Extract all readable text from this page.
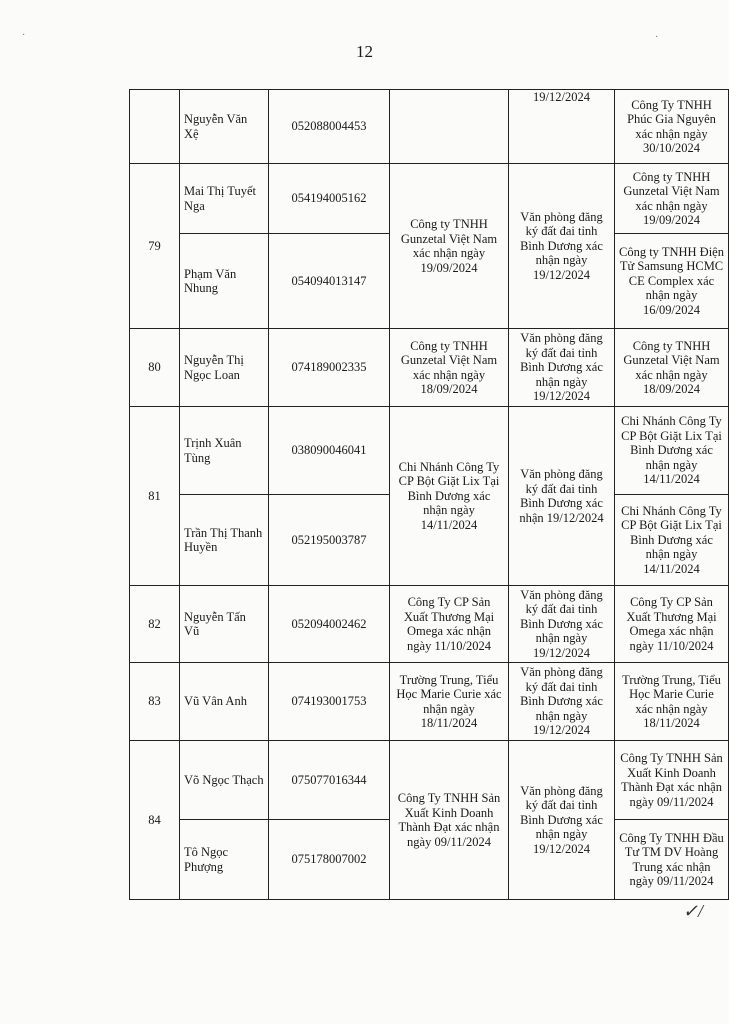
12
	Nguyễn Văn Xệ	052088004453		19/12/2024	Công Ty TNHH Phúc Gia Nguyên xác nhận ngày 30/10/2024
79	Mai Thị Tuyết Nga	054194005162	Công ty TNHH Gunzetal Việt Nam xác nhận ngày 19/09/2024	Văn phòng đăng ký đất đai tỉnh Bình Dương xác nhận ngày 19/12/2024	Công ty TNHH Gunzetal Việt Nam xác nhận ngày 19/09/2024
	Phạm Văn Nhung	054094013147			Công ty TNHH Điện Tử Samsung HCMC CE Complex xác nhận ngày 16/09/2024
80	Nguyễn Thị Ngọc Loan	074189002335	Công ty TNHH Gunzetal Việt Nam xác nhận ngày 18/09/2024	Văn phòng đăng ký đất đai tỉnh Bình Dương xác nhận ngày 19/12/2024	Công ty TNHH Gunzetal Việt Nam xác nhận ngày 18/09/2024
81	Trịnh Xuân Tùng	038090046041	Chi Nhánh Công Ty CP Bột Giặt Lix Tại Bình Dương xác nhận ngày 14/11/2024	Văn phòng đăng ký đất đai tỉnh Bình Dương xác nhận 19/12/2024	Chi Nhánh Công Ty CP Bột Giặt Lix Tại Bình Dương xác nhận ngày 14/11/2024
	Trần Thị Thanh Huyền	052195003787			Chi Nhánh Công Ty CP Bột Giặt Lix Tại Bình Dương xác nhận ngày 14/11/2024
82	Nguyễn Tấn Vũ	052094002462	Công Ty CP Sản Xuất Thương Mại Omega xác nhận ngày 11/10/2024	Văn phòng đăng ký đất đai tỉnh Bình Dương xác nhận ngày 19/12/2024	Công Ty CP Sản Xuất Thương Mại Omega xác nhận ngày 11/10/2024
83	Vũ Vân Anh	074193001753	Trường Trung, Tiểu Học Marie Curie xác nhận ngày 18/11/2024	Văn phòng đăng ký đất đai tỉnh Bình Dương xác nhận ngày 19/12/2024	Trường Trung, Tiểu Học Marie Curie xác nhận ngày 18/11/2024
84	Võ Ngọc Thạch	075077016344	Công Ty TNHH Sản Xuất Kinh Doanh Thành Đạt xác nhận ngày 09/11/2024	Văn phòng đăng ký đất đai tỉnh Bình Dương xác nhận ngày 19/12/2024	Công Ty TNHH Sản Xuất Kinh Doanh Thành Đạt xác nhận ngày 09/11/2024
	Tô Ngọc Phượng	075178007002			Công Ty TNHH Đầu Tư TM DV Hoàng Trung xác nhận ngày 09/11/2024
✓/
·	·
